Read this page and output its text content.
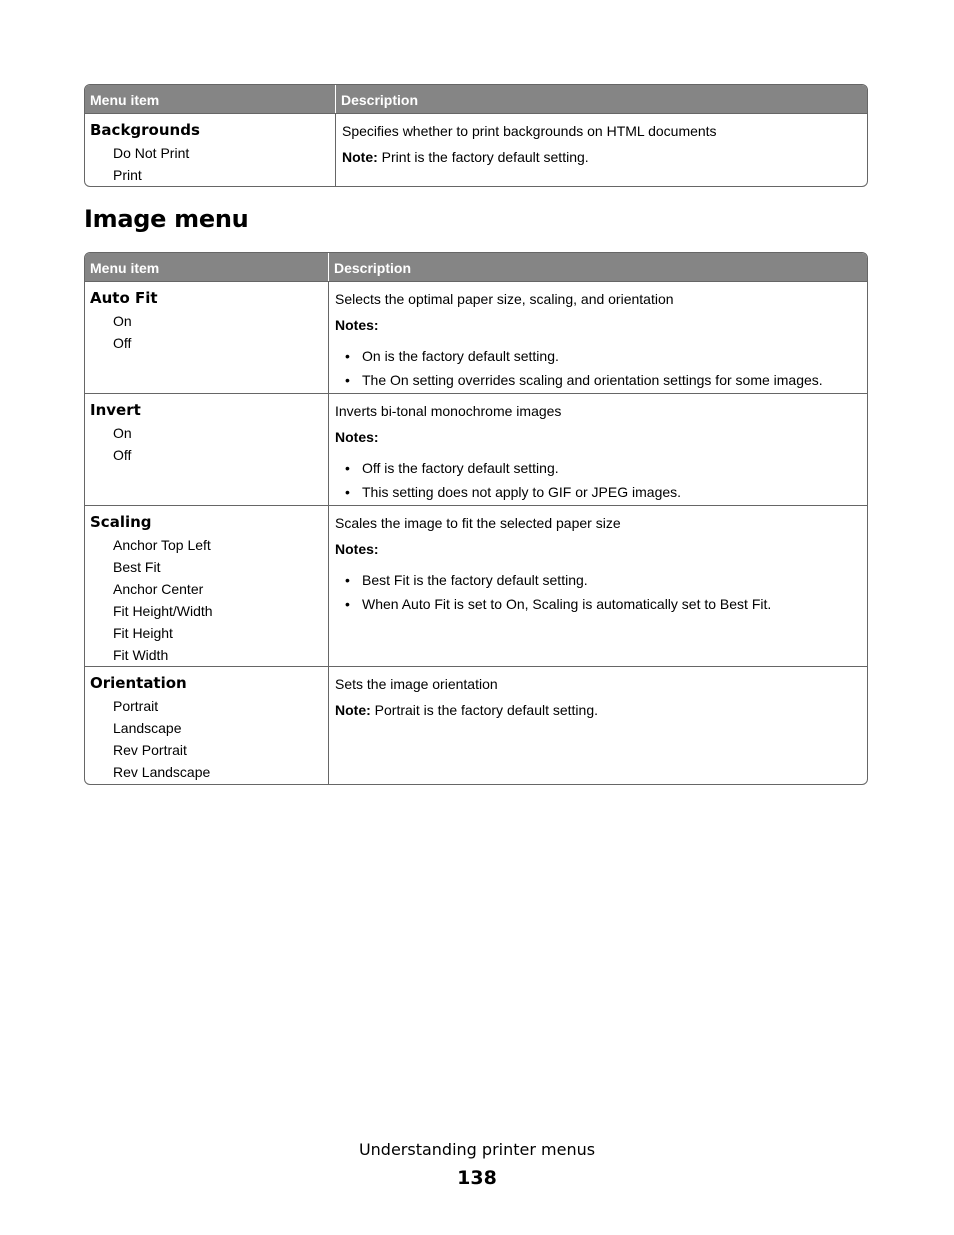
Menu item	Description
Backgrounds
Do Not Print
Print

Specifies whether to print backgrounds on HTML documents

Note: Print is the factory default setting.

Image menu
Menu item	Description
Auto Fit
On
Off

Selects the optimal paper size, scaling, and orientation

Notes:

• On is the factory default setting.
• The On setting overrides scaling and orientation settings for some images.
Invert
On
Off

Inverts bi-tonal monochrome images

Notes:

• Off is the factory default setting.
• This setting does not apply to GIF or JPEG images.
Scaling
Anchor Top Left
Best Fit
Anchor Center
Fit Height/Width
Fit Height
Fit Width

Scales the image to fit the selected paper size

Notes:

• Best Fit is the factory default setting.
• When Auto Fit is set to On, Scaling is automatically set to Best Fit.
Orientation
Portrait
Landscape
Rev Portrait
Rev Landscape

Sets the image orientation

Note: Portrait is the factory default setting.

Understanding printer menus
138
